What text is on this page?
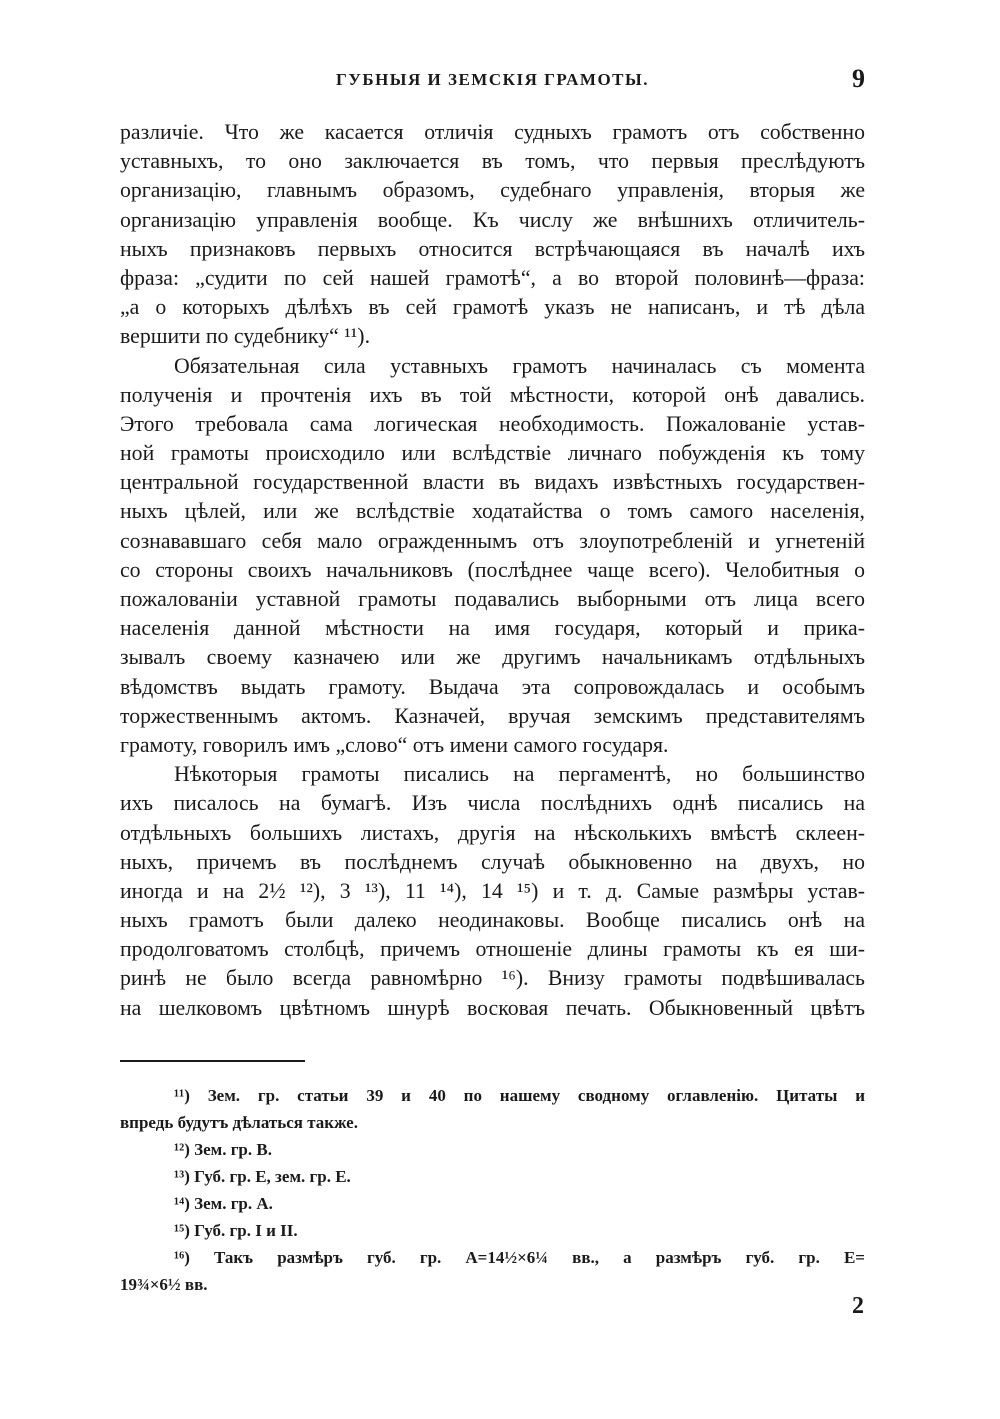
ГУБНЫЯ И ЗЕМСКІЯ ГРАМОТЫ.	9
различіе. Что же касается отличія судныхъ грамотъ отъ собственно
уставныхъ, то оно заключается въ томъ, что первыя преслѣдуютъ
организацію, главнымъ образомъ, судебнаго управленія, вторыя же
организацію управленія вообще. Къ числу же внѣшнихъ отличитель-
ныхъ признаковъ первыхъ относится встрѣчающаяся въ началѣ ихъ
фраза: „судити по сей нашей грамотѣ“, а во второй половинѣ—фраза:
„а о которыхъ дѣлѣхъ въ сей грамотѣ указъ не написанъ, и тѣ дѣла
вершити по судебнику“ ¹¹).
Обязательная сила уставныхъ грамотъ начиналась съ момента
полученія и прочтенія ихъ въ той мѣстности, которой онѣ давались.
Этого требовала сама логическая необходимость. Пожалованіе устав-
ной грамоты происходило или вслѣдствіе личнаго побужденія къ тому
центральной государственной власти въ видахъ извѣстныхъ государствен-
ныхъ цѣлей, или же вслѣдствіе ходатайства о томъ самого населенія,
сознававшаго себя мало огражденнымъ отъ злоупотребленій и угнетеній
со стороны своихъ начальниковъ (послѣднее чаще всего). Челобитныя о
пожалованіи уставной грамоты подавались выборными отъ лица всего
населенія данной мѣстности на имя государя, который и прика-
зывалъ своему казначею или же другимъ начальникамъ отдѣльныхъ
вѣдомствъ выдать грамоту. Выдача эта сопровождалась и особымъ
торжественнымъ актомъ. Казначей, вручая земскимъ представителямъ
грамоту, говорилъ имъ „слово“ отъ имени самого государя.
Нѣкоторыя грамоты писались на пергаментѣ, но большинство
ихъ писалось на бумагѣ. Изъ числа послѣднихъ однѣ писались на
отдѣльныхъ большихъ листахъ, другія на нѣсколькихъ вмѣстѣ склеен-
ныхъ, причемъ въ послѣднемъ случаѣ обыкновенно на двухъ, но
иногда и на 2½ ¹²), 3 ¹³), 11 ¹⁴), 14 ¹⁵) и т. д. Самые размѣры устав-
ныхъ грамотъ были далеко неодинаковы. Вообще писались онѣ на
продолговатомъ столбцѣ, причемъ отношеніе длины грамоты къ ея ши-
ринѣ не было всегда равномѣрно ¹⁶). Внизу грамоты подвѣшивалась
на шелковомъ цвѣтномъ шнурѣ восковая печать. Обыкновенный цвѣтъ
¹¹) Зем. гр. статьи 39 и 40 по нашему сводному оглавленію. Цитаты и
впредь будутъ дѣлаться также.
¹²) Зем. гр. В.
¹³) Губ. гр. Е, зем. гр. Е.
¹⁴) Зем. гр. А.
¹⁵) Губ. гр. І и ІІ.
¹⁶) Такъ размѣръ губ. гр. А=14½×6¼ вв., а размѣръ губ. гр. Е=
19¾×6½ вв.
2
